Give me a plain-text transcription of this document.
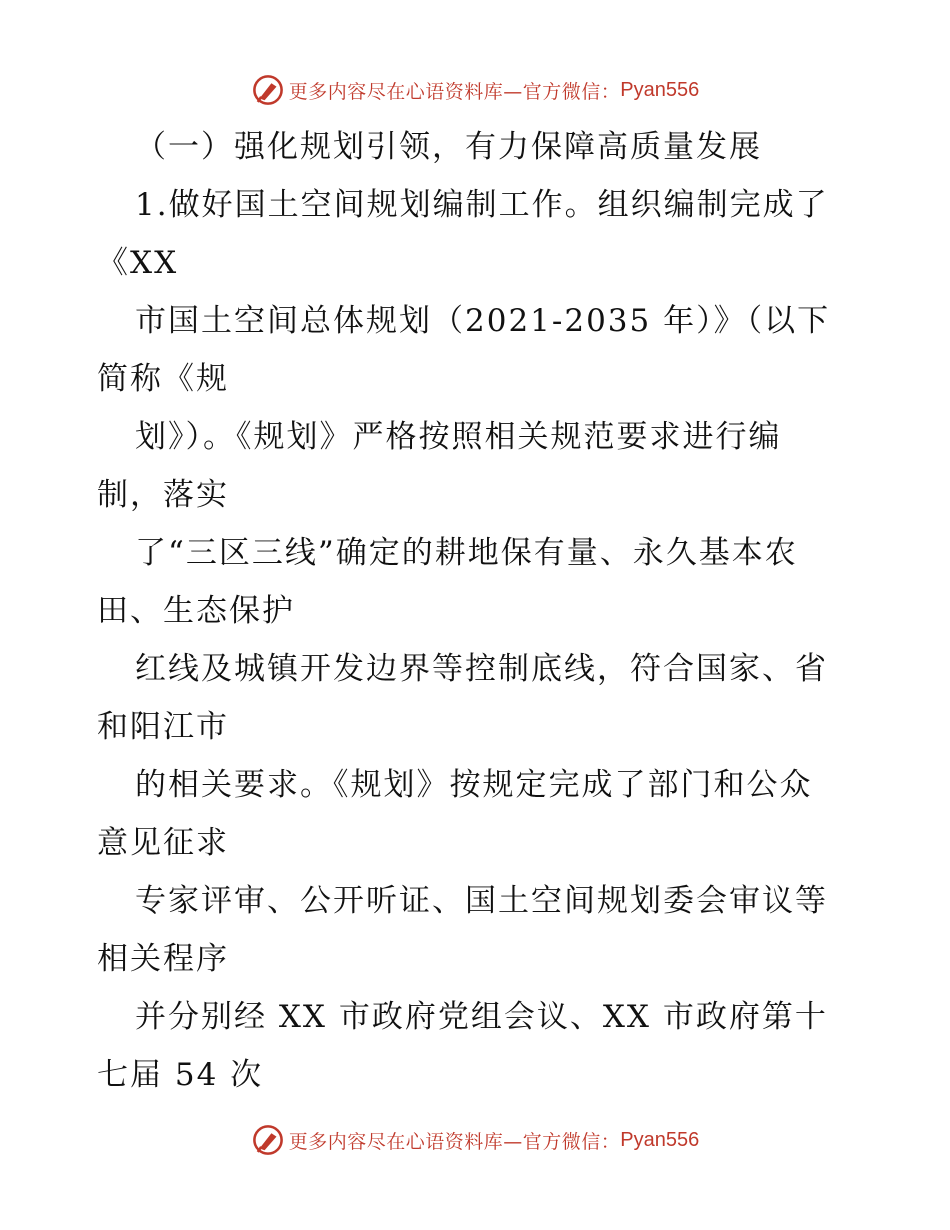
更多内容尽在心语资料库—官方微信： Pyan556
（一）强化规划引领，有力保障高质量发展
1.做好国土空间规划编制工作。组织编制完成了
《XX
市国土空间总体规划（2021-2035 年）》（以下
简称《规
划》）。《规划》严格按照相关规范要求进行编
制，落实
了“三区三线”确定的耕地保有量、永久基本农
田、生态保护
红线及城镇开发边界等控制底线，符合国家、省
和阳江市
的相关要求。《规划》按规定完成了部门和公众
意见征求
专家评审、公开听证、国土空间规划委会审议等
相关程序
并分别经 XX 市政府党组会议、XX 市政府第十
七届 54 次
更多内容尽在心语资料库—官方微信： Pyan556
